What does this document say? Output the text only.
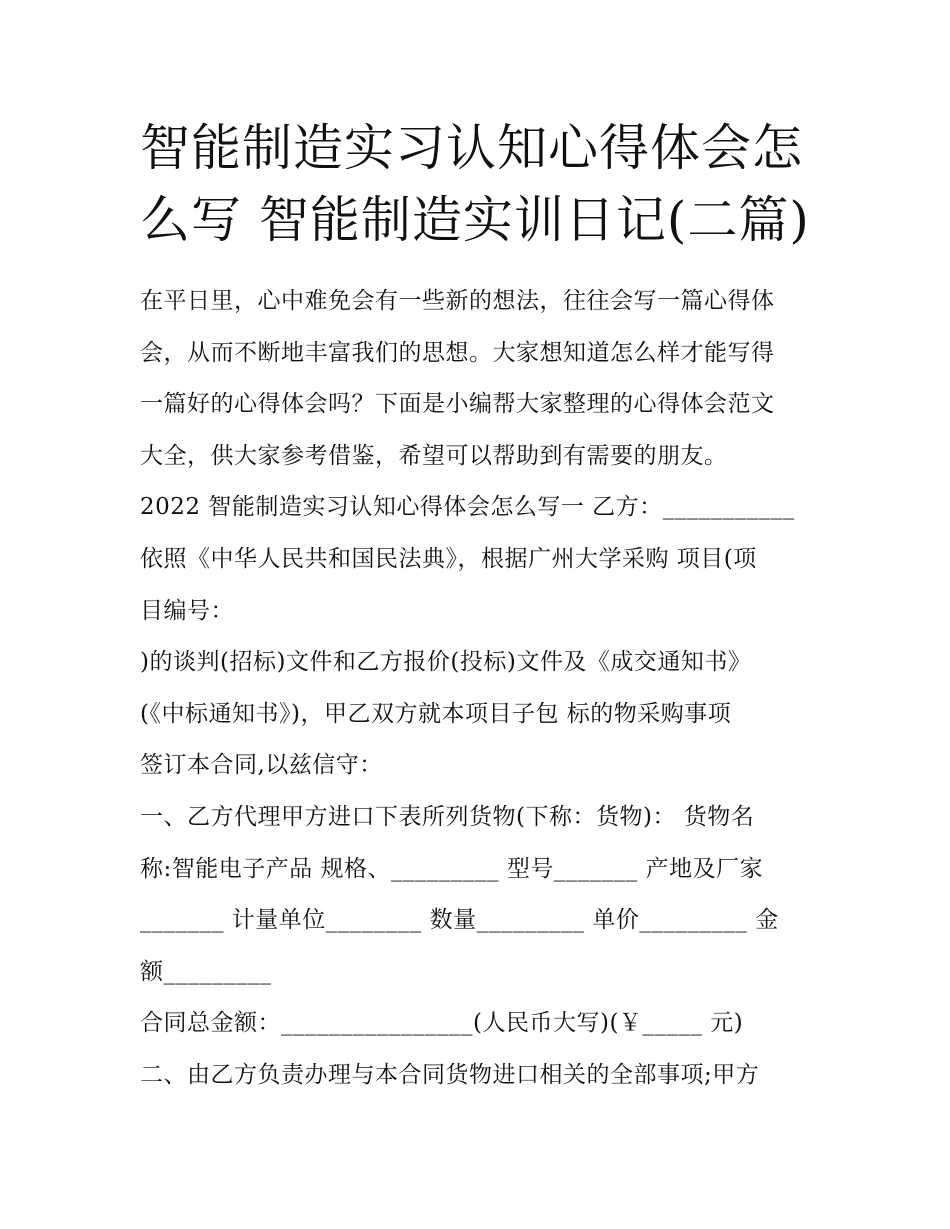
智能制造实习认知心得体会怎
么写 智能制造实训日记(二篇)
在平日里，心中难免会有一些新的想法，往往会写一篇心得体
会，从而不断地丰富我们的思想。大家想知道怎么样才能写得
一篇好的心得体会吗？下面是小编帮大家整理的心得体会范文
大全，供大家参考借鉴，希望可以帮助到有需要的朋友。
2022 智能制造实习认知心得体会怎么写一 乙方：___________
依照《中华人民共和国民法典》，根据广州大学采购 项目(项
目编号：
)的谈判(招标)文件和乙方报价(投标)文件及《成交通知书》
(《中标通知书》)，甲乙双方就本项目子包 标的物采购事项
签订本合同,以兹信守：
一、乙方代理甲方进口下表所列货物(下称：货物)： 货物名
称:智能电子产品 规格、_________ 型号_______ 产地及厂家
_______ 计量单位________ 数量_________ 单价_________ 金
额_________
合同总金额：________________(人民币大写)(￥_____ 元)
二、由乙方负责办理与本合同货物进口相关的全部事项;甲方
